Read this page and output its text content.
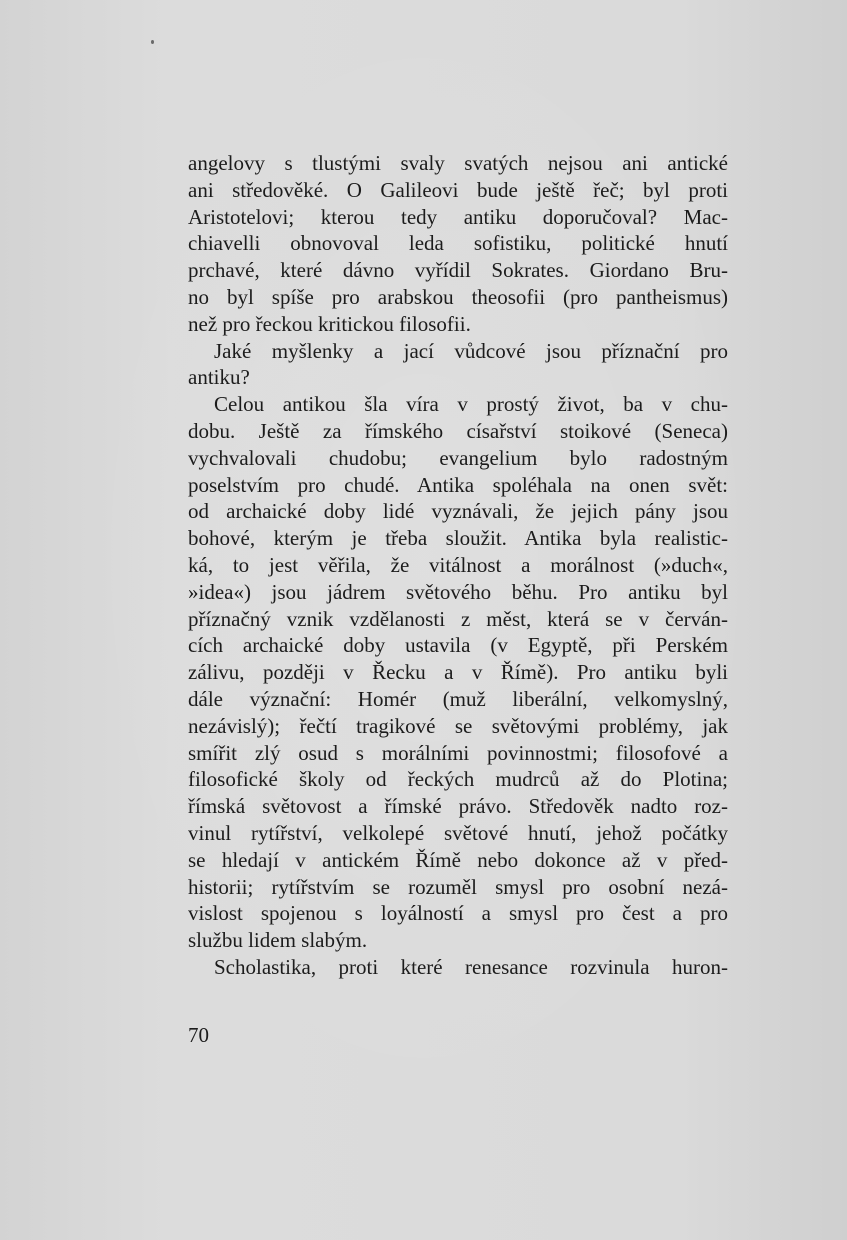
angelovy s tlustými svaly svatých nejsou ani antické
ani středověké. O Galileovi bude ještě řeč; byl proti
Aristotelovi; kterou tedy antiku doporučoval? Mac‑
chiavelli obnovoval leda sofistiku, politické hnutí
prchavé, které dávno vyřídil Sokrates. Giordano Bru‑
no byl spíše pro arabskou theosofii (pro pantheismus)
než pro řeckou kritickou filosofii.
Jaké myšlenky a jací vůdcové jsou příznační pro
antiku?
Celou antikou šla víra v prostý život, ba v chu‑
dobu. Ještě za římského císařství stoikové (Seneca)
vychvalovali chudobu; evangelium bylo radostným
poselstvím pro chudé. Antika spoléhala na onen svět:
od archaické doby lidé vyznávali, že jejich pány jsou
bohové, kterým je třeba sloužit. Antika byla realistic‑
ká, to jest věřila, že vitálnost a morálnost (»duch«,
»idea«) jsou jádrem světového běhu. Pro antiku byl
příznačný vznik vzdělanosti z měst, která se v červán‑
cích archaické doby ustavila (v Egyptě, při Perském
zálivu, později v Řecku a v Římě). Pro antiku byli
dále význační: Homér (muž liberální, velkomyslný,
nezávislý); řečtí tragikové se světovými problémy, jak
smířit zlý osud s morálními povinnostmi; filosofové a
filosofické školy od řeckých mudrců až do Plotina;
římská světovost a římské právo. Středověk nadto roz‑
vinul rytířství, velkolepé světové hnutí, jehož počátky
se hledají v antickém Římě nebo dokonce až v před‑
historii; rytířstvím se rozuměl smysl pro osobní nezá‑
vislost spojenou s loyálností a smysl pro čest a pro
službu lidem slabým.
Scholastika, proti které renesance rozvinula huron‑
70
